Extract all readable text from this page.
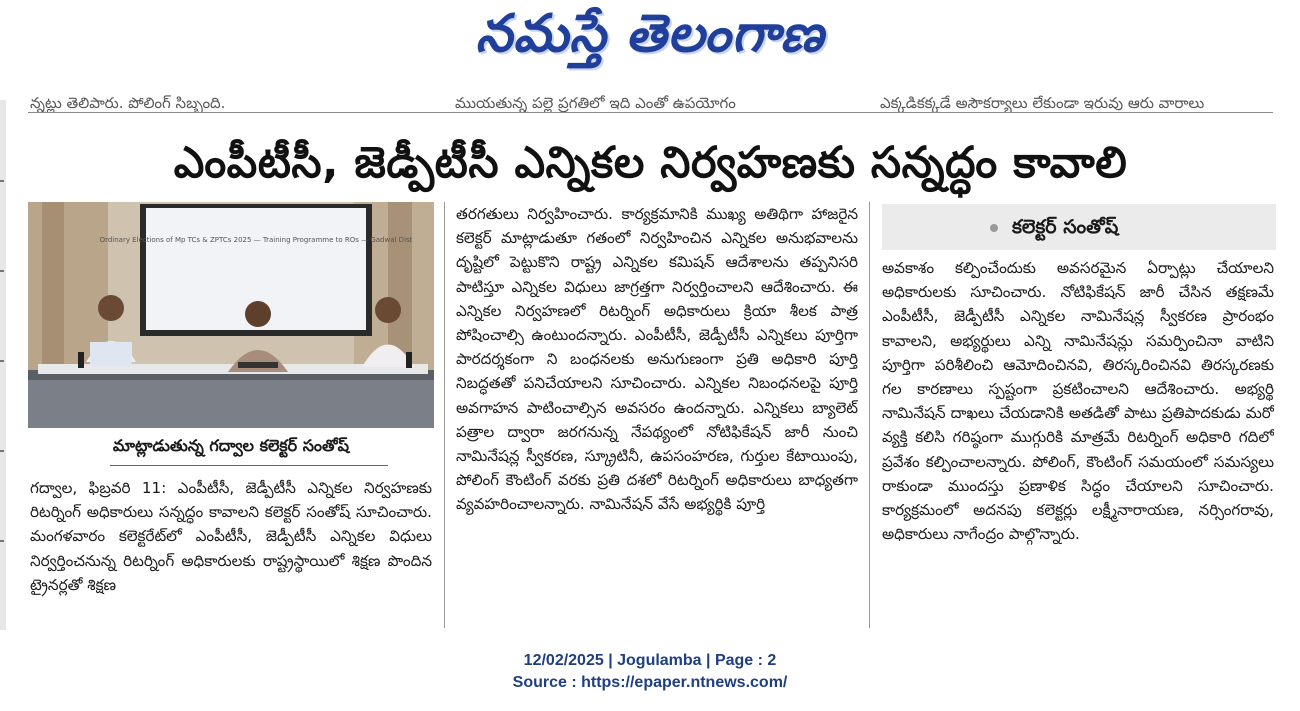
నమస్తే తెలంగాణ
న్నట్లు తెలిపారు. పోలింగ్ సిబ్బంది.	ముయతున్న పల్లె ప్రగతిలో ఇది ఎంతో ఉపయోగం	ఎక్కడికక్కడే అసౌకర్యాలు లేకుండా ఇరువు ఆరు వారాలు
ఎంపీటీసీ, జెడ్పీటీసీ ఎన్నికల నిర్వహణకు సన్నద్ధం కావాలి
Ordinary Elections of Mp TCs & ZPTCs 2025 — Training Programme to ROs — Gadwal Dist
మాట్లాడుతున్న గద్వాల కలెక్టర్ సంతోష్

గద్వాల, ఫిబ్రవరి 11: ఎంపీటీసీ, జెడ్పీటీసీ ఎన్నికల నిర్వహణకు రిటర్నింగ్ అధికారులు సన్నద్ధం కావాలని కలెక్టర్ సంతోష్ సూచించారు. మంగళవారం కలెక్టరేట్‌లో ఎంపీటీసీ, జెడ్పీటీసీ ఎన్నికల విధులు నిర్వర్తించనున్న రిటర్నింగ్ అధికారులకు రాష్ట్రస్థాయిలో శిక్షణ పొందిన ట్రైనర్లతో శిక్షణ

తరగతులు నిర్వహించారు. కార్యక్రమానికి ముఖ్య అతిథిగా హాజరైన కలెక్టర్ మాట్లాడుతూ గతంలో నిర్వహించిన ఎన్నికల అనుభవాలను దృష్టిలో పెట్టుకొని రాష్ట్ర ఎన్నికల కమిషన్ ఆదేశాలను తప్పనిసరి పాటిస్తూ ఎన్నికల విధులు జాగ్రత్తగా నిర్వర్తించాలని ఆదేశించారు. ఈ ఎన్నికల నిర్వహణలో రిటర్నింగ్ అధికారులు క్రియా శీలక పాత్ర పోషించాల్సి ఉంటుందన్నారు. ఎంపీటీసీ, జెడ్పీటీసీ ఎన్నికలు పూర్తిగా పారదర్శకంగా ని బంధనలకు అనుగుణంగా ప్రతి అధికారి పూర్తి నిబద్ధతతో పనిచేయాలని సూచించారు. ఎన్నికల నిబంధనలపై పూర్తి అవగాహన పాటించాల్సిన అవసరం ఉందన్నారు. ఎన్నికలు బ్యాలెట్ పత్రాల ద్వారా జరగనున్న నేపథ్యంలో నోటిఫికేషన్ జారీ నుంచి నామినేషన్ల స్వీకరణ, స్క్రూటినీ, ఉపసంహరణ, గుర్తుల కేటాయింపు, పోలింగ్ కౌంటింగ్ వరకు ప్రతి దశలో రిటర్నింగ్ అధికారులు బాధ్యతగా వ్యవహరించాలన్నారు. నామినేషన్ వేసే అభ్యర్థికి పూర్తి

కలెక్టర్ సంతోష్

అవకాశం కల్పించేందుకు అవసరమైన ఏర్పాట్లు చేయాలని అధికారులకు సూచించారు. నోటిఫికేషన్ జారీ చేసిన తక్షణమే ఎంపీటీసీ, జెడ్పీటీసీ ఎన్నికల నామినేషన్ల స్వీకరణ ప్రారంభం కావాలని, అభ్యర్థులు ఎన్ని నామినేషన్లు సమర్పించినా వాటిని పూర్తిగా పరిశీలించి ఆమోదించినవి, తిరస్కరించినవి తిరస్కరణకు గల కారణాలు స్పష్టంగా ప్రకటించాలని ఆదేశించారు. అభ్యర్థి నామినేషన్ దాఖలు చేయడానికి అతడితో పాటు ప్రతిపాదకుడు మరో వ్యక్తి కలిసి గరిష్ఠంగా ముగ్గురికి మాత్రమే రిటర్నింగ్ అధికారి గదిలో ప్రవేశం కల్పించాలన్నారు. పోలింగ్, కౌంటింగ్ సమయంలో సమస్యలు రాకుండా ముందస్తు ప్రణాళిక సిద్ధం చేయాలని సూచించారు. కార్యక్రమంలో అదనపు కలెక్టర్లు లక్ష్మీనారాయణ, నర్సింగరావు, అధికారులు నాగేంద్రం పాల్గొన్నారు.

12/02/2025 | Jogulamba | Page : 2
Source : https://epaper.ntnews.com/
